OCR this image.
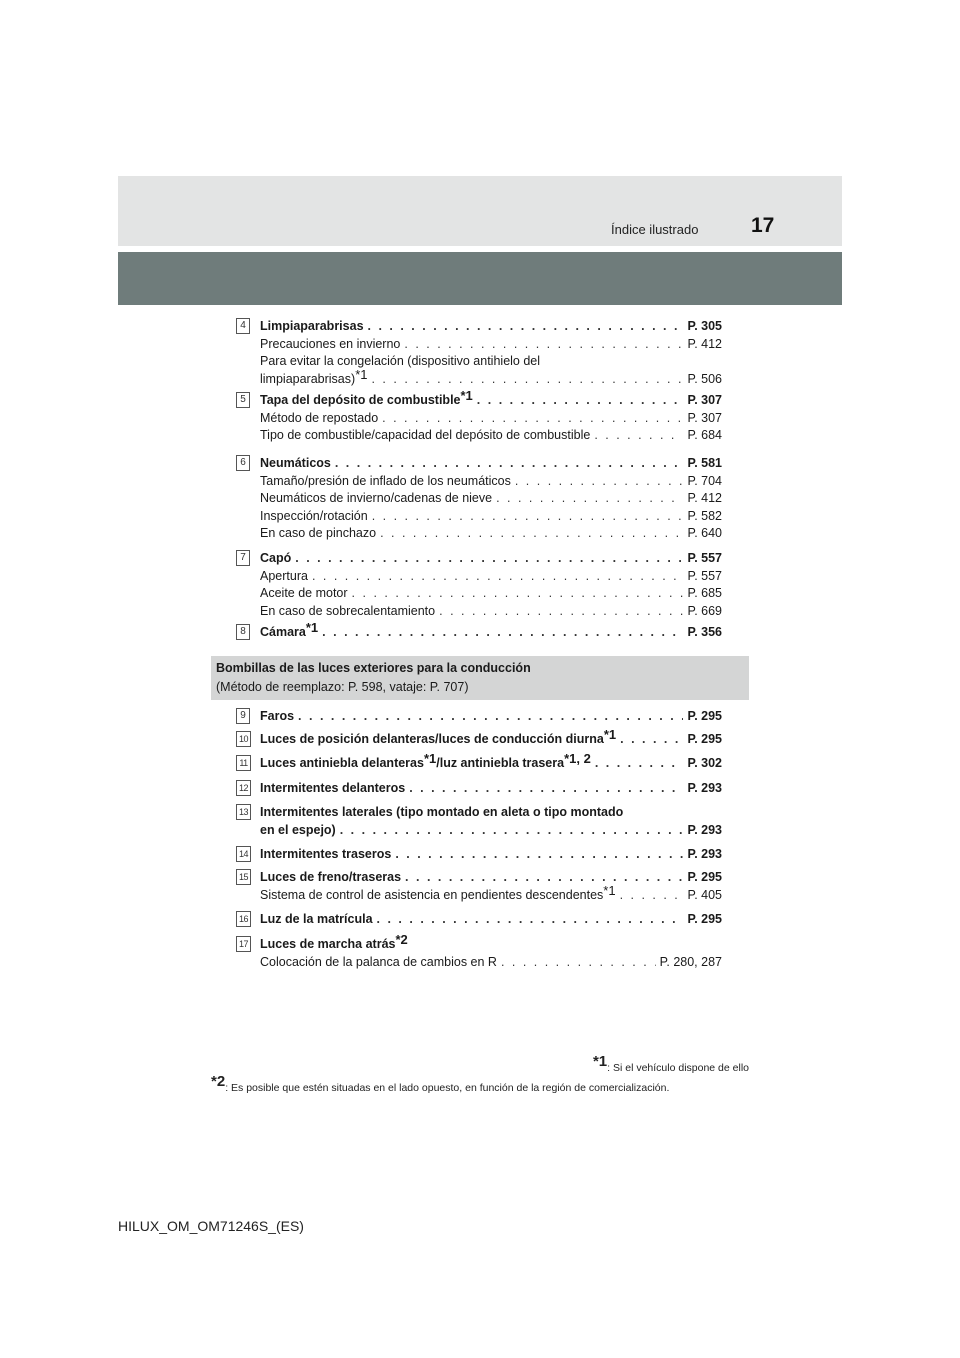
Índice ilustrado	17
4	Limpiaparabrisas . . .	P. 305
Precauciones en invierno . . .	P. 412
Para evitar la congelación (dispositivo antihielo del
limpiaparabrisas)$^{*1}$ . . .	P. 506
5	Tapa del depósito de combustible$^{*1}$ . . .	P. 307
Método de repostado . . .	P. 307
Tipo de combustible/capacidad del depósito de combustible . . .	P. 684
6	Neumáticos . . .	P. 581
Tamaño/presión de inflado de los neumáticos . . .	P. 704
Neumáticos de invierno/cadenas de nieve . . .	P. 412
Inspección/rotación . . .	P. 582
En caso de pinchazo . . .	P. 640
7	Capó . . .	P. 557
Apertura . . .	P. 557
Aceite de motor . . .	P. 685
En caso de sobrecalentamiento . . .	P. 669
8	Cámara$^{*1}$ . . .	P. 356
Bombillas de las luces exteriores para la conducción
(Método de reemplazo: P. 598, vataje: P. 707)
9	Faros . . .	P. 295
10 Luces de posición delanteras/luces de conducción diurna$^{*1}$ . . .	P. 295
11 Luces antiniebla delanteras$^{*1}$/luz antiniebla trasera$^{*1, 2}$ . . .	P. 302
12 Intermitentes delanteros . . .	P. 293
13 Intermitentes laterales (tipo montado en aleta o tipo montado
en el espejo) . . .	P. 293
14 Intermitentes traseros . . .	P. 293
15 Luces de freno/traseras . . .	P. 295
Sistema de control de asistencia en pendientes descendentes$^{*1}$ . . .	P. 405
16 Luz de la matrícula . . .	P. 295
17 Luces de marcha atrás$^{*2}$
Colocación de la palanca de cambios en R . . .	P. 280, 287
*1: Si el vehículo dispone de ello
*2: Es posible que estén situadas en el lado opuesto, en función de la región de comercialización.
HILUX_OM_OM71246S_(ES)
